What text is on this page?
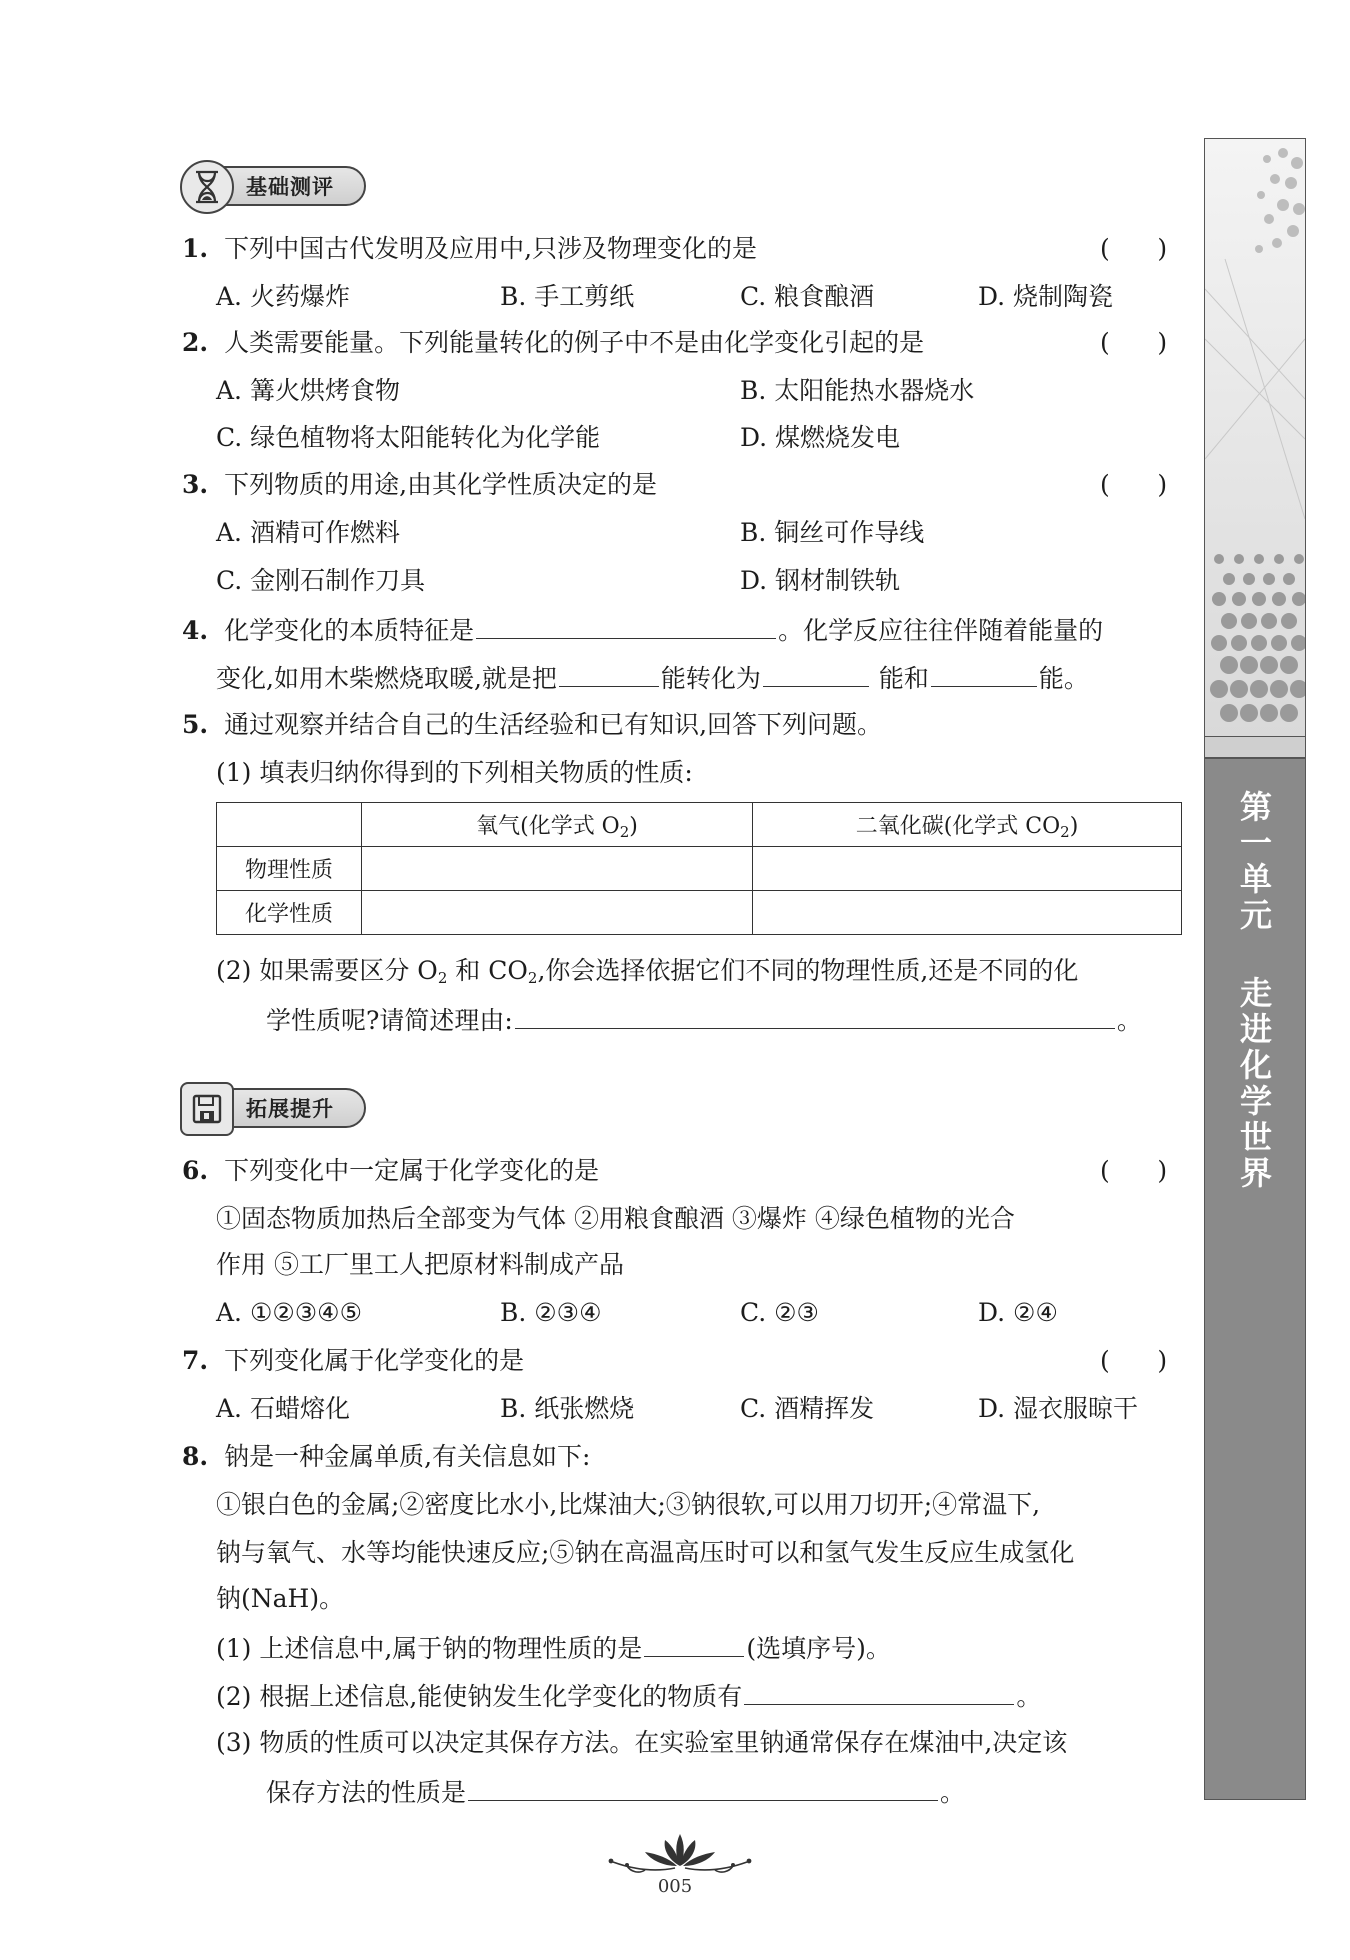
第一单元 走进化学世界
基础测评
1. 下列中国古代发明及应用中,只涉及物理变化的是	(      )
A. 火药爆炸	B. 手工剪纸	C. 粮食酿酒	D. 烧制陶瓷
2. 人类需要能量。下列能量转化的例子中不是由化学变化引起的是	(      )
A. 篝火烘烤食物	B. 太阳能热水器烧水
C. 绿色植物将太阳能转化为化学能	D. 煤燃烧发电
3. 下列物质的用途,由其化学性质决定的是	(      )
A. 酒精可作燃料	B. 铜丝可作导线
C. 金刚石制作刀具	D. 钢材制铁轨
4. 化学变化的本质特征是	。化学反应往往伴随着能量的
变化,如用木柴燃烧取暖,就是把	能转化为	能和	能。
5. 通过观察并结合自己的生活经验和已有知识,回答下列问题。
(1) 填表归纳你得到的下列相关物质的性质:
	氧气(化学式 $O_2$)	二氧化碳(化学式 $CO_2$)
物理性质		
化学性质		
(2) 如果需要区分 $O_2$ 和 $CO_2$,你会选择依据它们不同的物理性质,还是不同的化
学性质呢?请简述理由:	。
拓展提升
6. 下列变化中一定属于化学变化的是	(      )
①固态物质加热后全部变为气体 ②用粮食酿酒 ③爆炸 ④绿色植物的光合
作用 ⑤工厂里工人把原材料制成产品
A. ①②③④⑤	B. ②③④	C. ②③	D. ②④
7. 下列变化属于化学变化的是	(      )
A. 石蜡熔化	B. 纸张燃烧	C. 酒精挥发	D. 湿衣服晾干
8. 钠是一种金属单质,有关信息如下:
①银白色的金属;②密度比水小,比煤油大;③钠很软,可以用刀切开;④常温下,
钠与氧气、水等均能快速反应;⑤钠在高温高压时可以和氢气发生反应生成氢化
钠(NaH)。
(1) 上述信息中,属于钠的物理性质的是	(选填序号)。
(2) 根据上述信息,能使钠发生化学变化的物质有	。
(3) 物质的性质可以决定其保存方法。在实验室里钠通常保存在煤油中,决定该
保存方法的性质是	。
005
